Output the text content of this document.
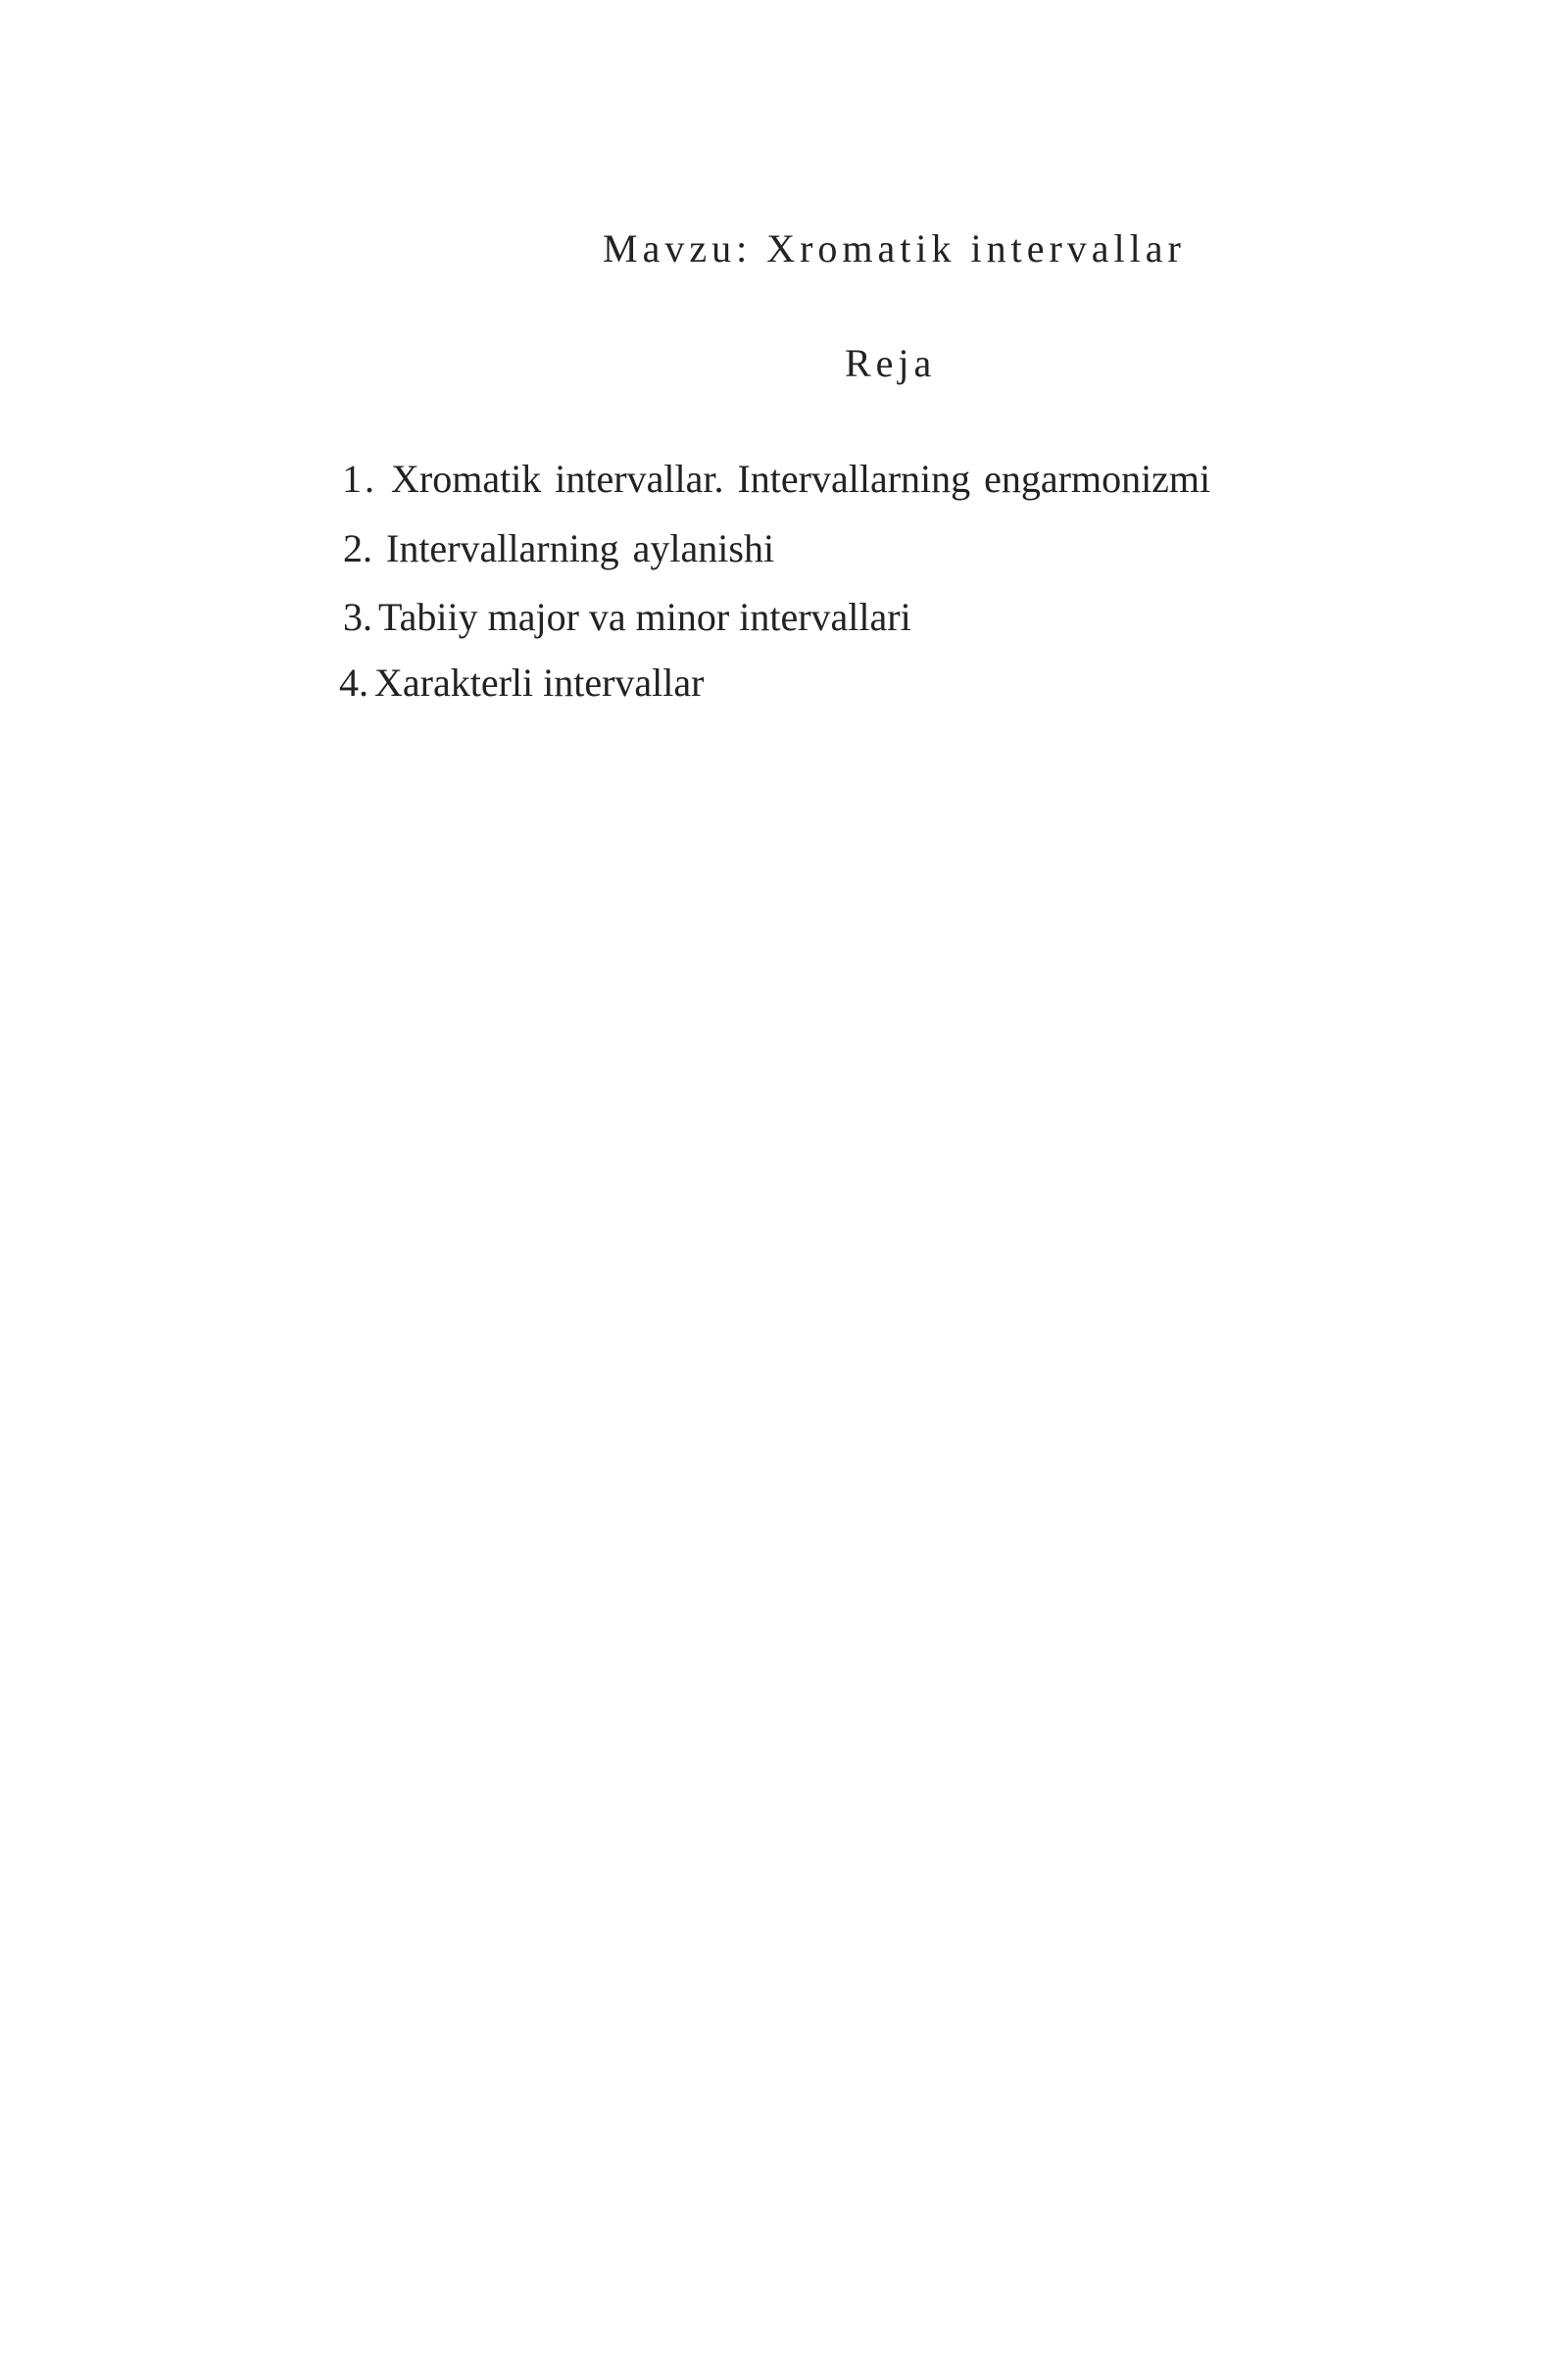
Mavzu: Xromatik intervallar
Reja
1. Xromatik intervallar. Intervallarning engarmonizmi
2. Intervallarning aylanishi
3. Tabiiy major va minor intervallari
4. Xarakterli intervallar
